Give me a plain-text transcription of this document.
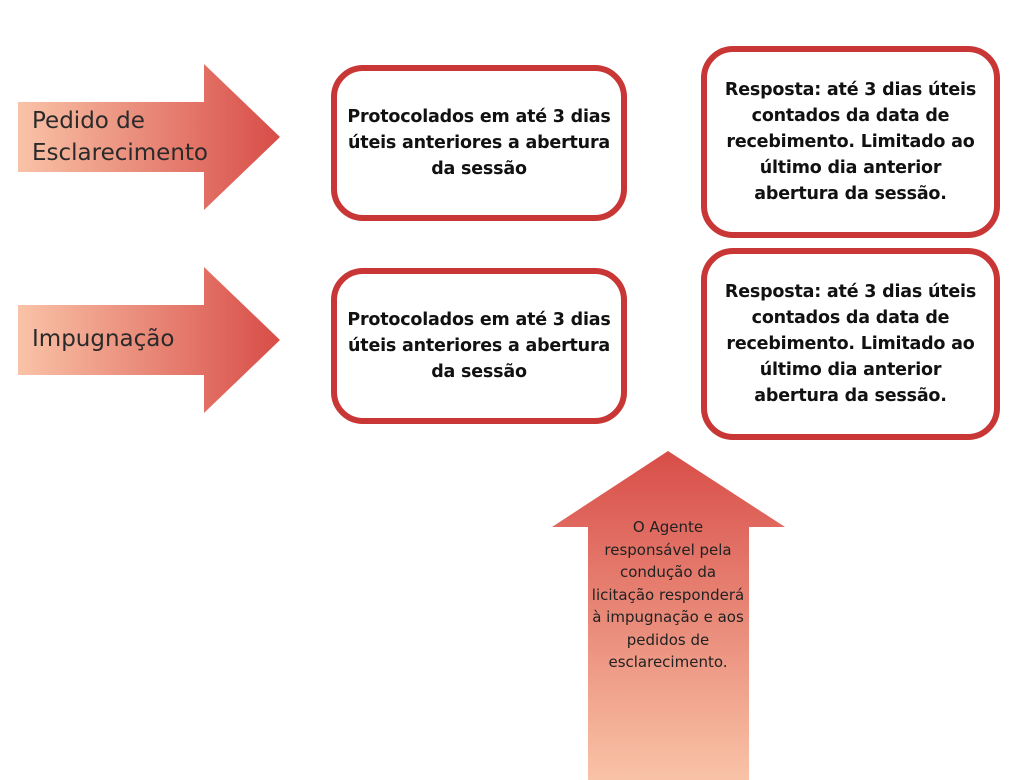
Pedido de
Esclarecimento
Impugnação
Protocolados em até 3 dias úteis anteriores a abertura da sessão
Resposta: até 3 dias úteis contados da data de recebimento. Limitado ao último dia anterior abertura da sessão.
Protocolados em até 3 dias úteis anteriores a abertura da sessão
Resposta: até 3 dias úteis contados da data de recebimento. Limitado ao último dia anterior abertura da sessão.
O Agente responsável pela condução da licitação responderá à impugnação e aos pedidos de esclarecimento.
